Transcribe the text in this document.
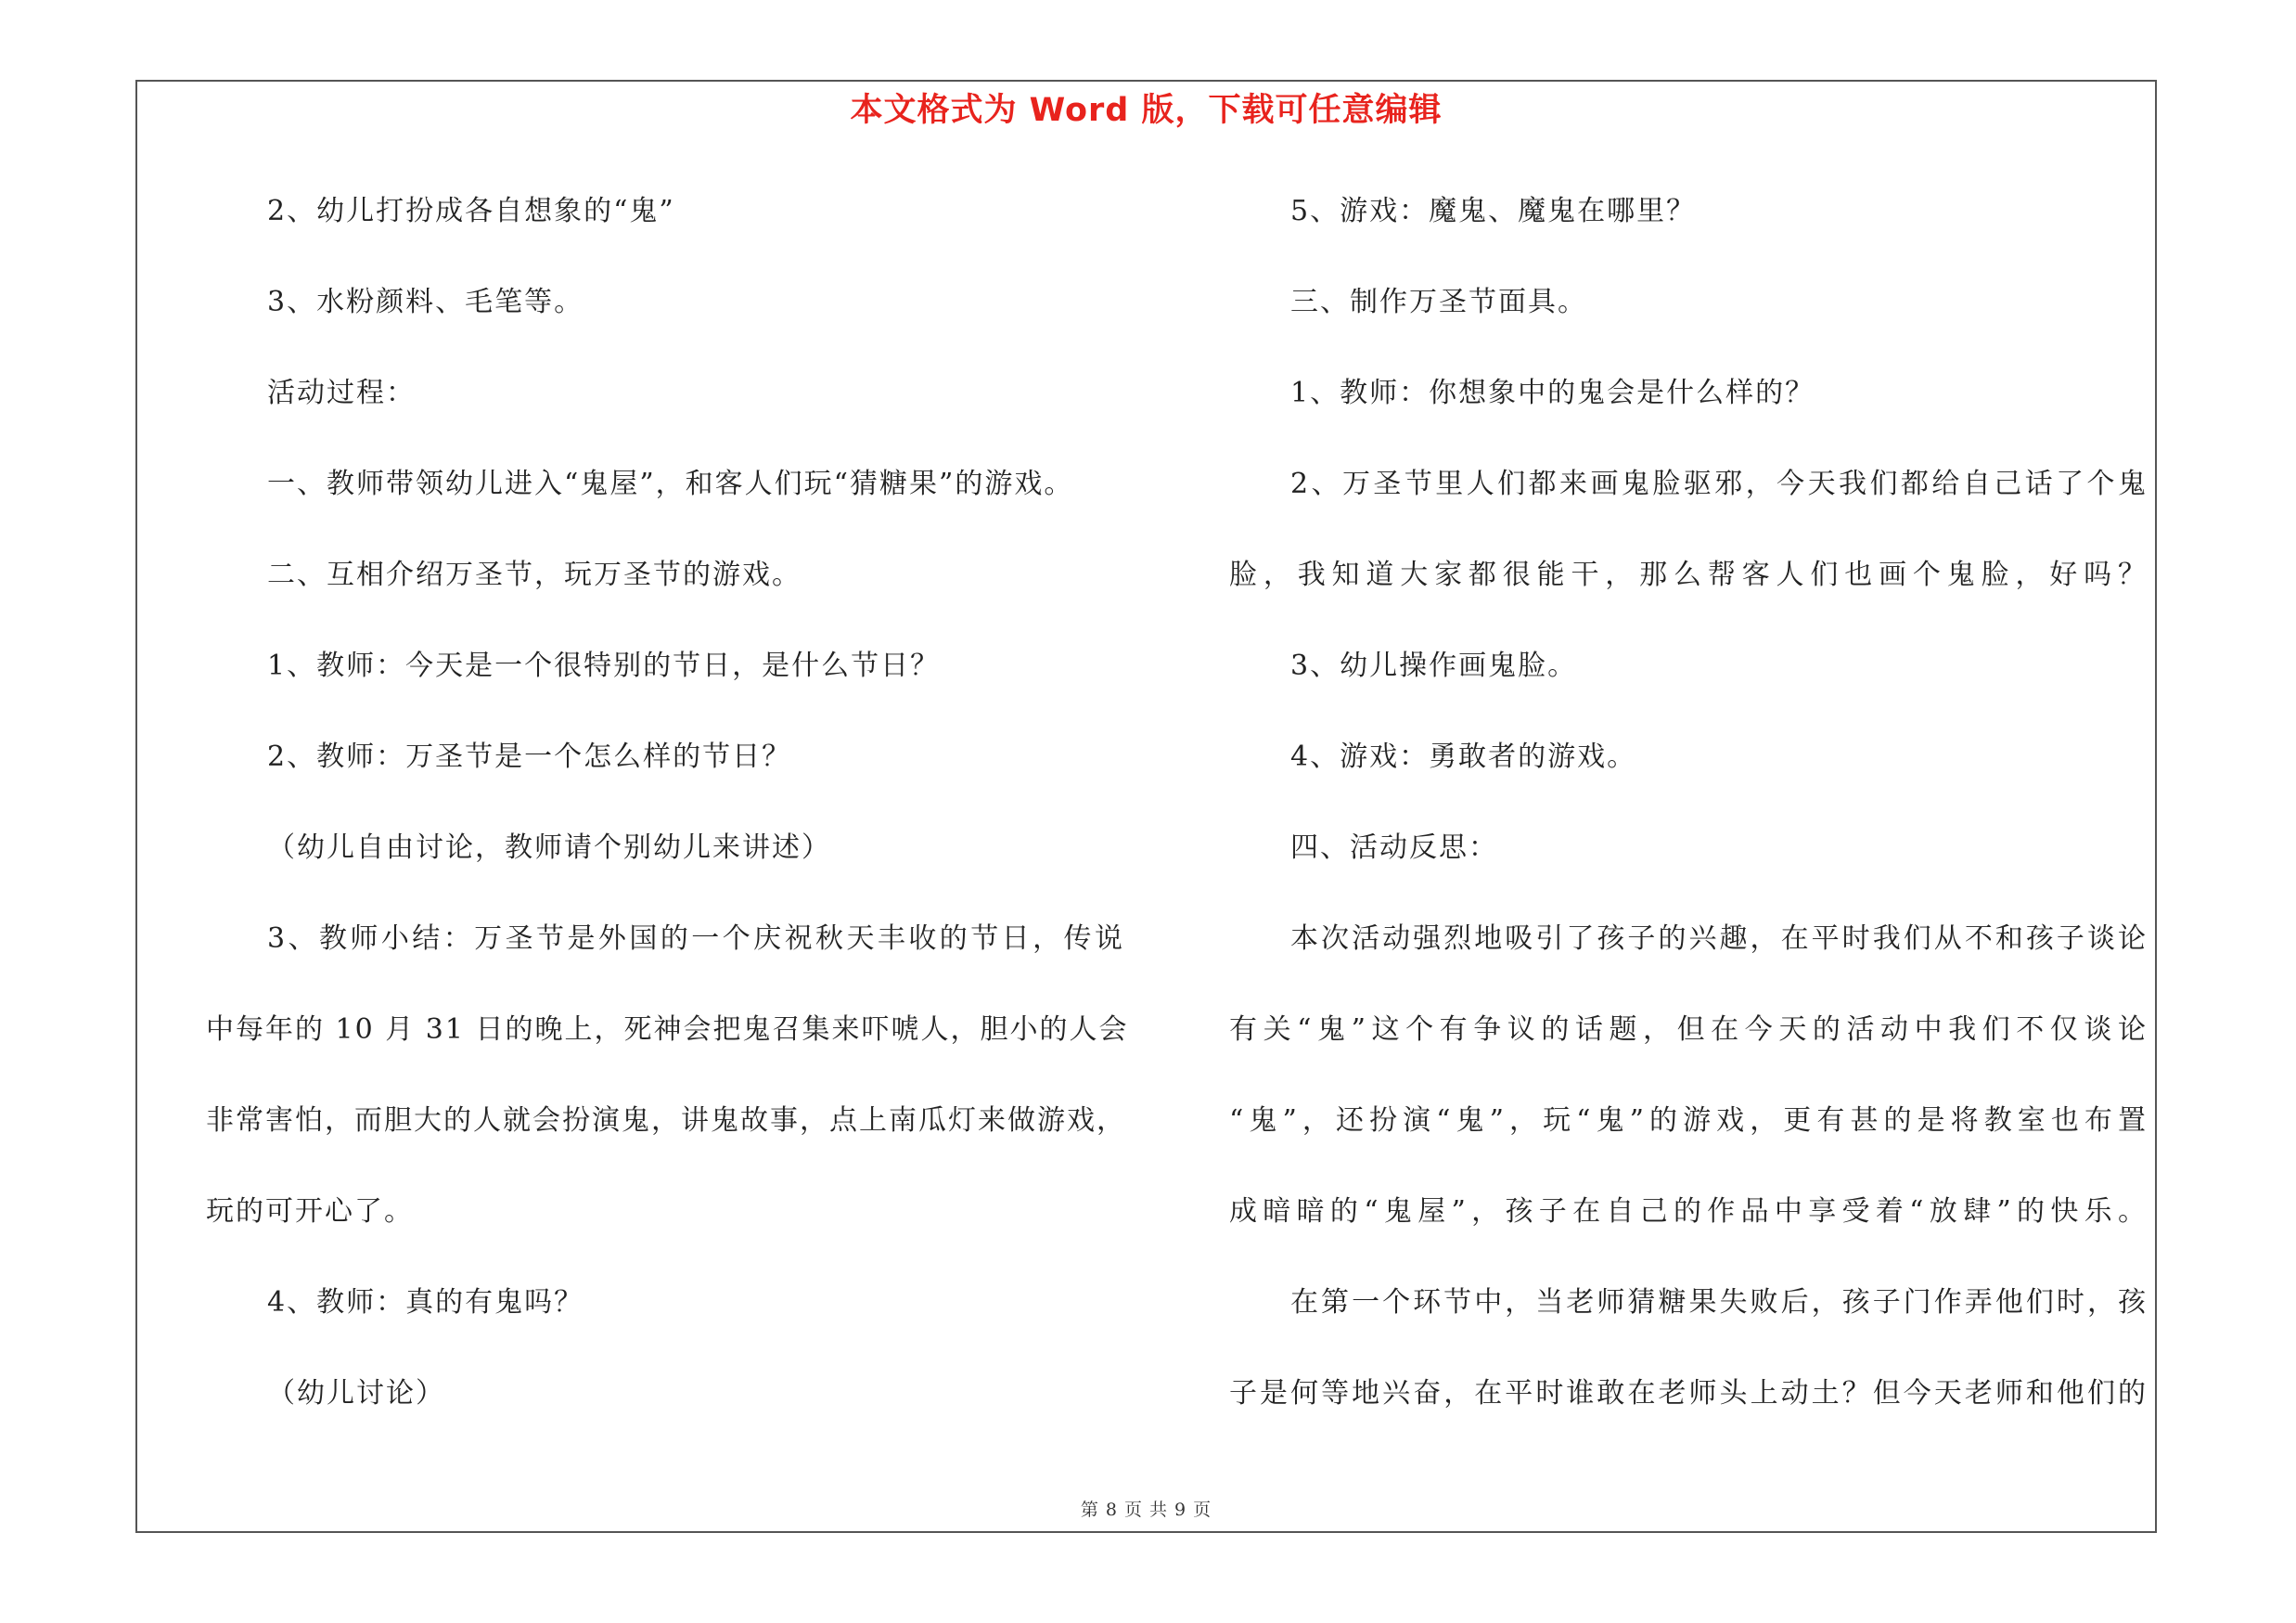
本文格式为 Word 版，下载可任意编辑
2、幼儿打扮成各自想象的“鬼”
3、水粉颜料、毛笔等。
活动过程：
一、教师带领幼儿进入“鬼屋”，和客人们玩“猜糖果”的游戏。
二、互相介绍万圣节，玩万圣节的游戏。
1、教师：今天是一个很特别的节日，是什么节日？
2、教师：万圣节是一个怎么样的节日？
（幼儿自由讨论，教师请个别幼儿来讲述）
3、教师小结：万圣节是外国的一个庆祝秋天丰收的节日，传说
中每年的 10 月 31 日的晚上，死神会把鬼召集来吓唬人，胆小的人会
非常害怕，而胆大的人就会扮演鬼，讲鬼故事，点上南瓜灯来做游戏，
玩的可开心了。
4、教师：真的有鬼吗？
（幼儿讨论）
5、游戏：魔鬼、魔鬼在哪里？
三、制作万圣节面具。
1、教师：你想象中的鬼会是什么样的？
2、万圣节里人们都来画鬼脸驱邪，今天我们都给自己话了个鬼
脸，我知道大家都很能干，那么帮客人们也画个鬼脸，好吗？
3、幼儿操作画鬼脸。
4、游戏：勇敢者的游戏。
四、活动反思：
本次活动强烈地吸引了孩子的兴趣，在平时我们从不和孩子谈论
有关“鬼”这个有争议的话题，但在今天的活动中我们不仅谈论
“鬼”，还扮演“鬼”，玩“鬼”的游戏，更有甚的是将教室也布置
成暗暗的“鬼屋”，孩子在自己的作品中享受着“放肆”的快乐。
在第一个环节中，当老师猜糖果失败后，孩子门作弄他们时，孩
子是何等地兴奋，在平时谁敢在老师头上动土？但今天老师和他们的
第 8 页 共 9 页
